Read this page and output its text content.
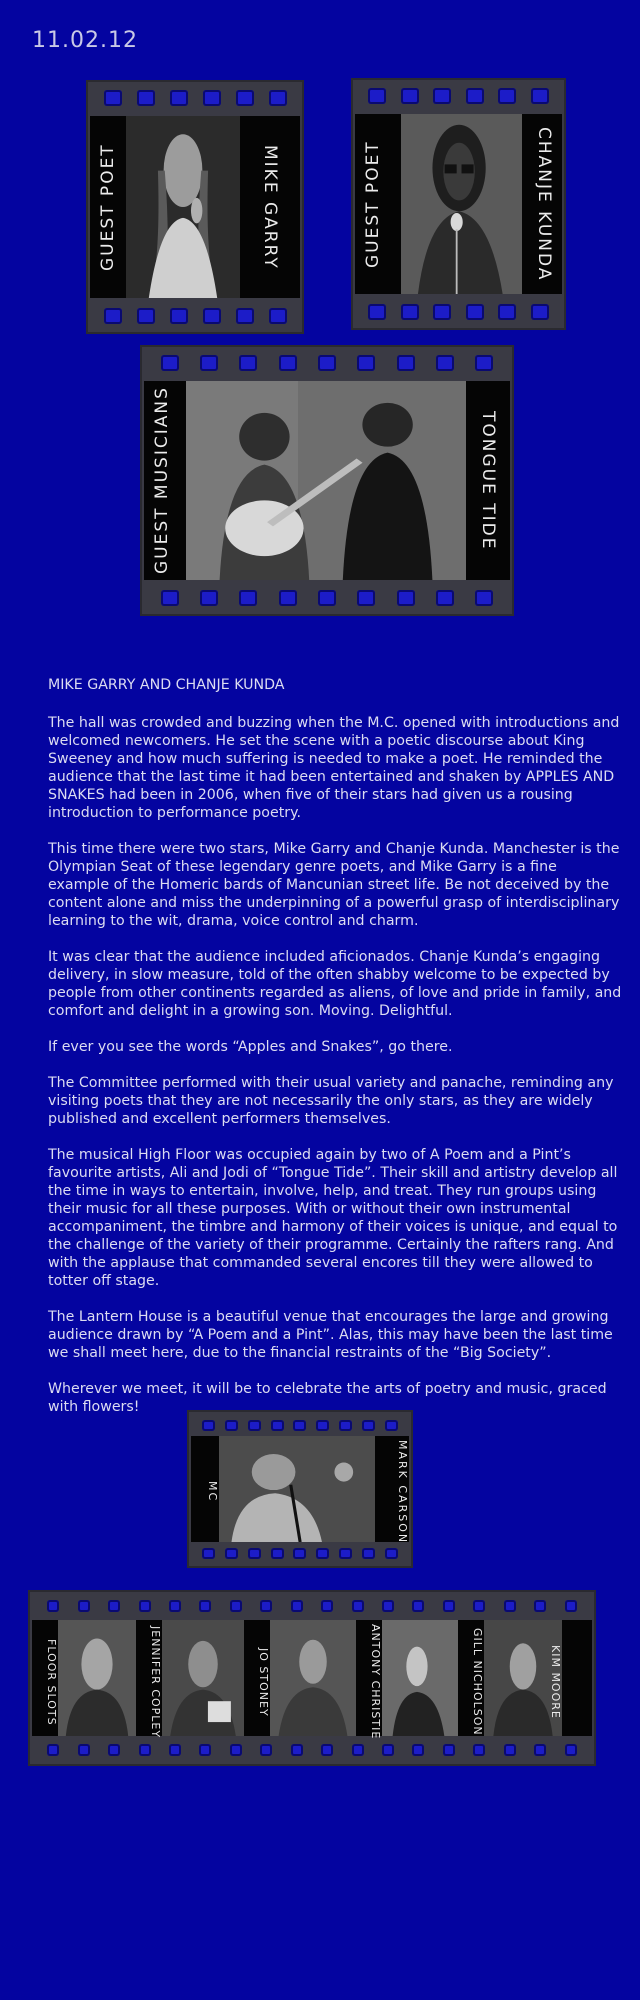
11.02.12
GUEST POET	MIKE GARRY	GUEST POET	CHANJE KUNDA
GUEST MUSICIANS	TONGUE TIDE
MIKE GARRY AND CHANJE KUNDA

The hall was crowded and buzzing when the M.C. opened with introductions and welcomed newcomers. He set the scene with a poetic discourse about King Sweeney and how much suffering is needed to make a poet. He reminded the audience that the last time it had been entertained and shaken by APPLES AND SNAKES had been in 2006, when five of their stars had given us a rousing introduction to performance poetry.

This time there were two stars, Mike Garry and Chanje Kunda. Manchester is the Olympian Seat of these legendary genre poets, and Mike Garry is a fine example of the Homeric bards of Mancunian street life. Be not deceived by the content alone and miss the underpinning of a powerful grasp of interdisciplinary learning to the wit, drama, voice control and charm.

It was clear that the audience included aficionados. Chanje Kunda’s engaging delivery, in slow measure, told of the often shabby welcome to be expected by people from other continents regarded as aliens, of love and pride in family, and comfort and delight in a growing son. Moving. Delightful.

If ever you see the words “Apples and Snakes”, go there.

The Committee performed with their usual variety and panache, reminding any visiting poets that they are not necessarily the only stars, as they are widely published and excellent performers themselves.

The musical High Floor was occupied again by two of A Poem and a Pint’s favourite artists, Ali and Jodi of “Tongue Tide”. Their skill and artistry develop all the time in ways to entertain, involve, help, and treat. They run groups using their music for all these purposes. With or without their own instrumental accompaniment, the timbre and harmony of their voices is unique, and equal to the challenge of the variety of their programme. Certainly the rafters rang. And with the applause that commanded several encores till they were allowed to totter off stage.

The Lantern House is a beautiful venue that encourages the large and growing audience drawn by “A Poem and a Pint”. Alas, this may have been the last time we shall meet here, due to the financial restraints of the “Big Society”.

Wherever we meet, it will be to celebrate the arts of poetry and music, graced with flowers!

MC	MARK CARSON
FLOOR SLOTS	JENNIFER COPLEY	JO STONEY	ANTONY CHRISTIE	GILL NICHOLSON	KIM MOORE
